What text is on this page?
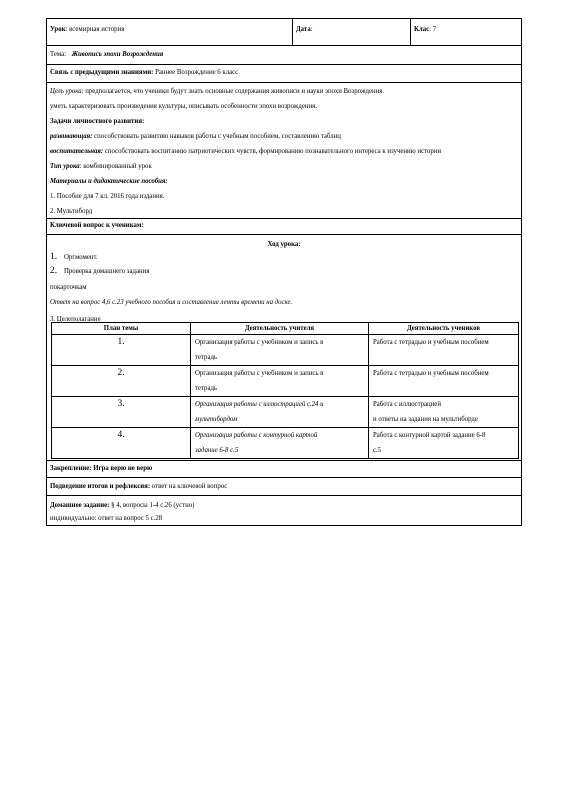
Урок: всемирная история	Дата:	Клас: 7
Тема: Живопись эпохи Возрождения
Связь с предыдущими знаниями: Раннее Возрождение 6 класс
Цель урока: предполагается, что ученики будут знать основные содержания живописи и науки эпохи Возрождения.
уметь характеризовать произведения культуры, описывать особенности эпохи возрождения.
Задачи личностного развития:
развивающая: способствовать развитию навыков работы с учебным пособием, составлению таблиц
воспитательная: способствовать воспитанию патриотических чувств, формированию познавательного интереса к изучению истории
Тип урока: комбинированный урок
Материалы и дидактические пособия:
1. Пособие для 7 кл. 2016 года издания.
2. Мультиборд
Ключевой вопрос к ученикам:
Ход урока:
1. Оргмомент.
2. Проверка домашнего задания
покарточкам
Ответ на вопрос 4,6 с.23 учебного пособия и составление ленты времени на доске.
3. Целеполагание
План темы	Деятельность учителя	Деятельность учеников
1.	Организация работы с учебником и запись в
тетрадь	Работа с тетрадью и учебным пособием

2.	Организация работы с учебником и запись в
тетрадь	Работа с тетрадью и учебным пособием

3.	Организация работы с иллюстрацией с.24 и
мультибордом	Работа с иллюстрацией
и ответы на задания на мультиборде

4.	Организация работы с контурной картой
задание 6-8 с.5	Работа с контурной картой задание 6-8
с.5
Закрепление: Игра верю не верю
Подведение итогов и рефлексия: ответ на ключевой вопрос
Домашнее задание: § 4, вопросы 1-4 с.26 (устно)
индивидуально: ответ на вопрос 5 с.28
